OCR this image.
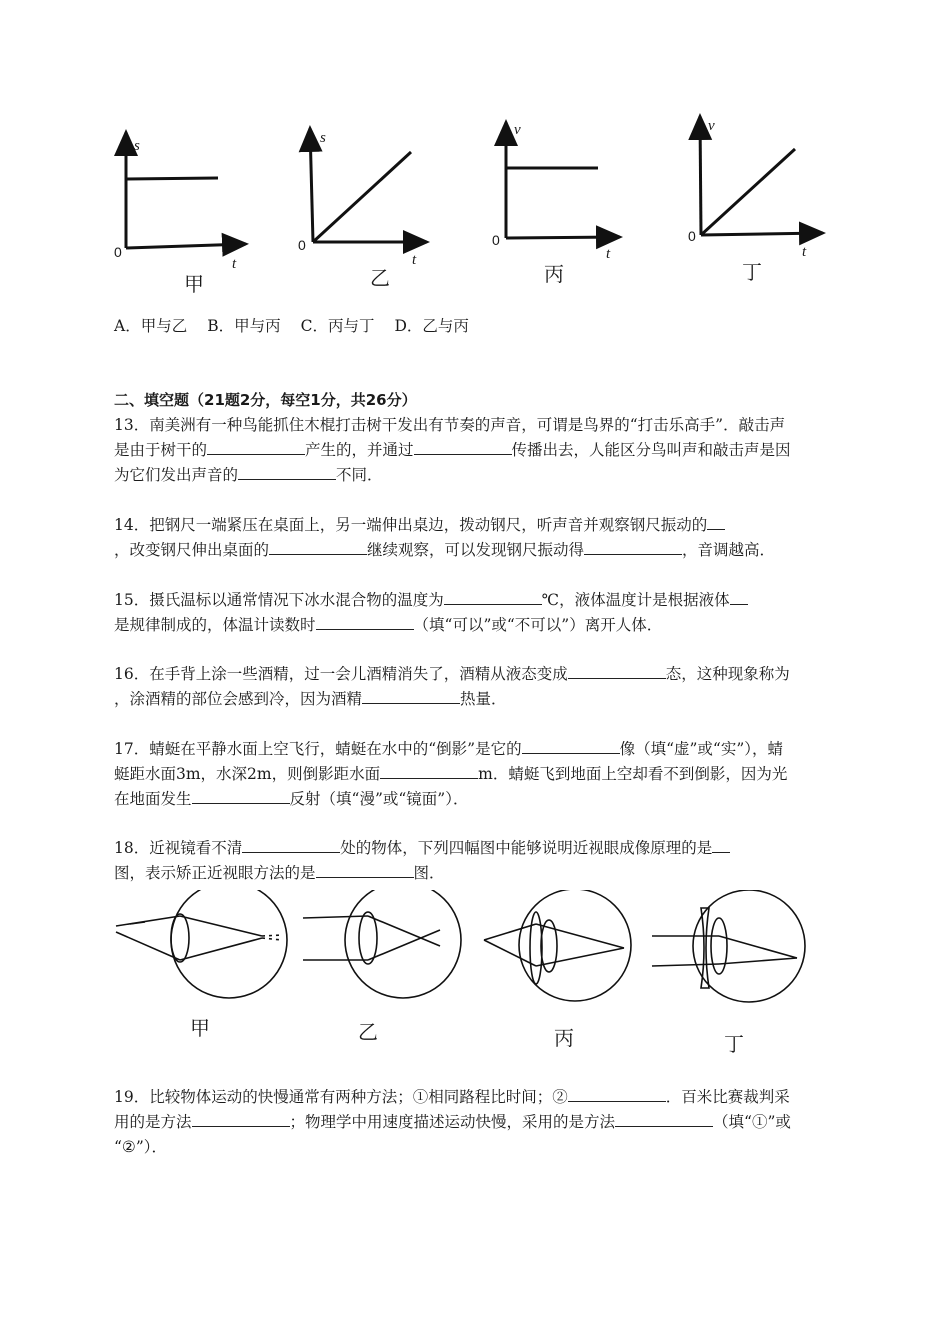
s
0
t
甲
s
0
t
乙
v
0
t
丙
v
0
t
丁
A．甲与乙 B．甲与丙 C．丙与丁 D．乙与丙
二、填空题（21题2分，每空1分，共26分）
13．南美洲有一种鸟能抓住木棍打击树干发出有节奏的声音，可谓是鸟界的“打击乐高手”．敲击声
是由于树干的	产生的，并通过	传播出去，人能区分鸟叫声和敲击声是因
为它们发出声音的	不同．
14．把钢尺一端紧压在桌面上，另一端伸出桌边，拨动钢尺，听声音并观察钢尺振动的
，改变钢尺伸出桌面的	继续观察，可以发现钢尺振动得	，音调越高．
15．摄氏温标以通常情况下冰水混合物的温度为	℃，液体温度计是根据液体
是规律制成的，体温计读数时	（填“可以”或“不可以”）离开人体．
16．在手背上涂一些酒精，过一会儿酒精消失了，酒精从液态变成	态，这种现象称为
，涂酒精的部位会感到冷，因为酒精	热量．
17．蜻蜓在平静水面上空飞行，蜻蜓在水中的“倒影”是它的	像（填“虚”或“实”），蜻
蜓距水面3m，水深2m，则倒影距水面	m．蜻蜓飞到地面上空却看不到倒影，因为光
在地面发生	反射（填“漫”或“镜面”）．
18．近视镜看不清	处的物体，下列四幅图中能够说明近视眼成像原理的是
图，表示矫正近视眼方法的是	图．
甲	乙	丙	丁
19．比较物体运动的快慢通常有两种方法；①相同路程比时间；②	．百米比赛裁判采
用的是方法	；物理学中用速度描述运动快慢，采用的是方法	（填“①”或
“②”）．
